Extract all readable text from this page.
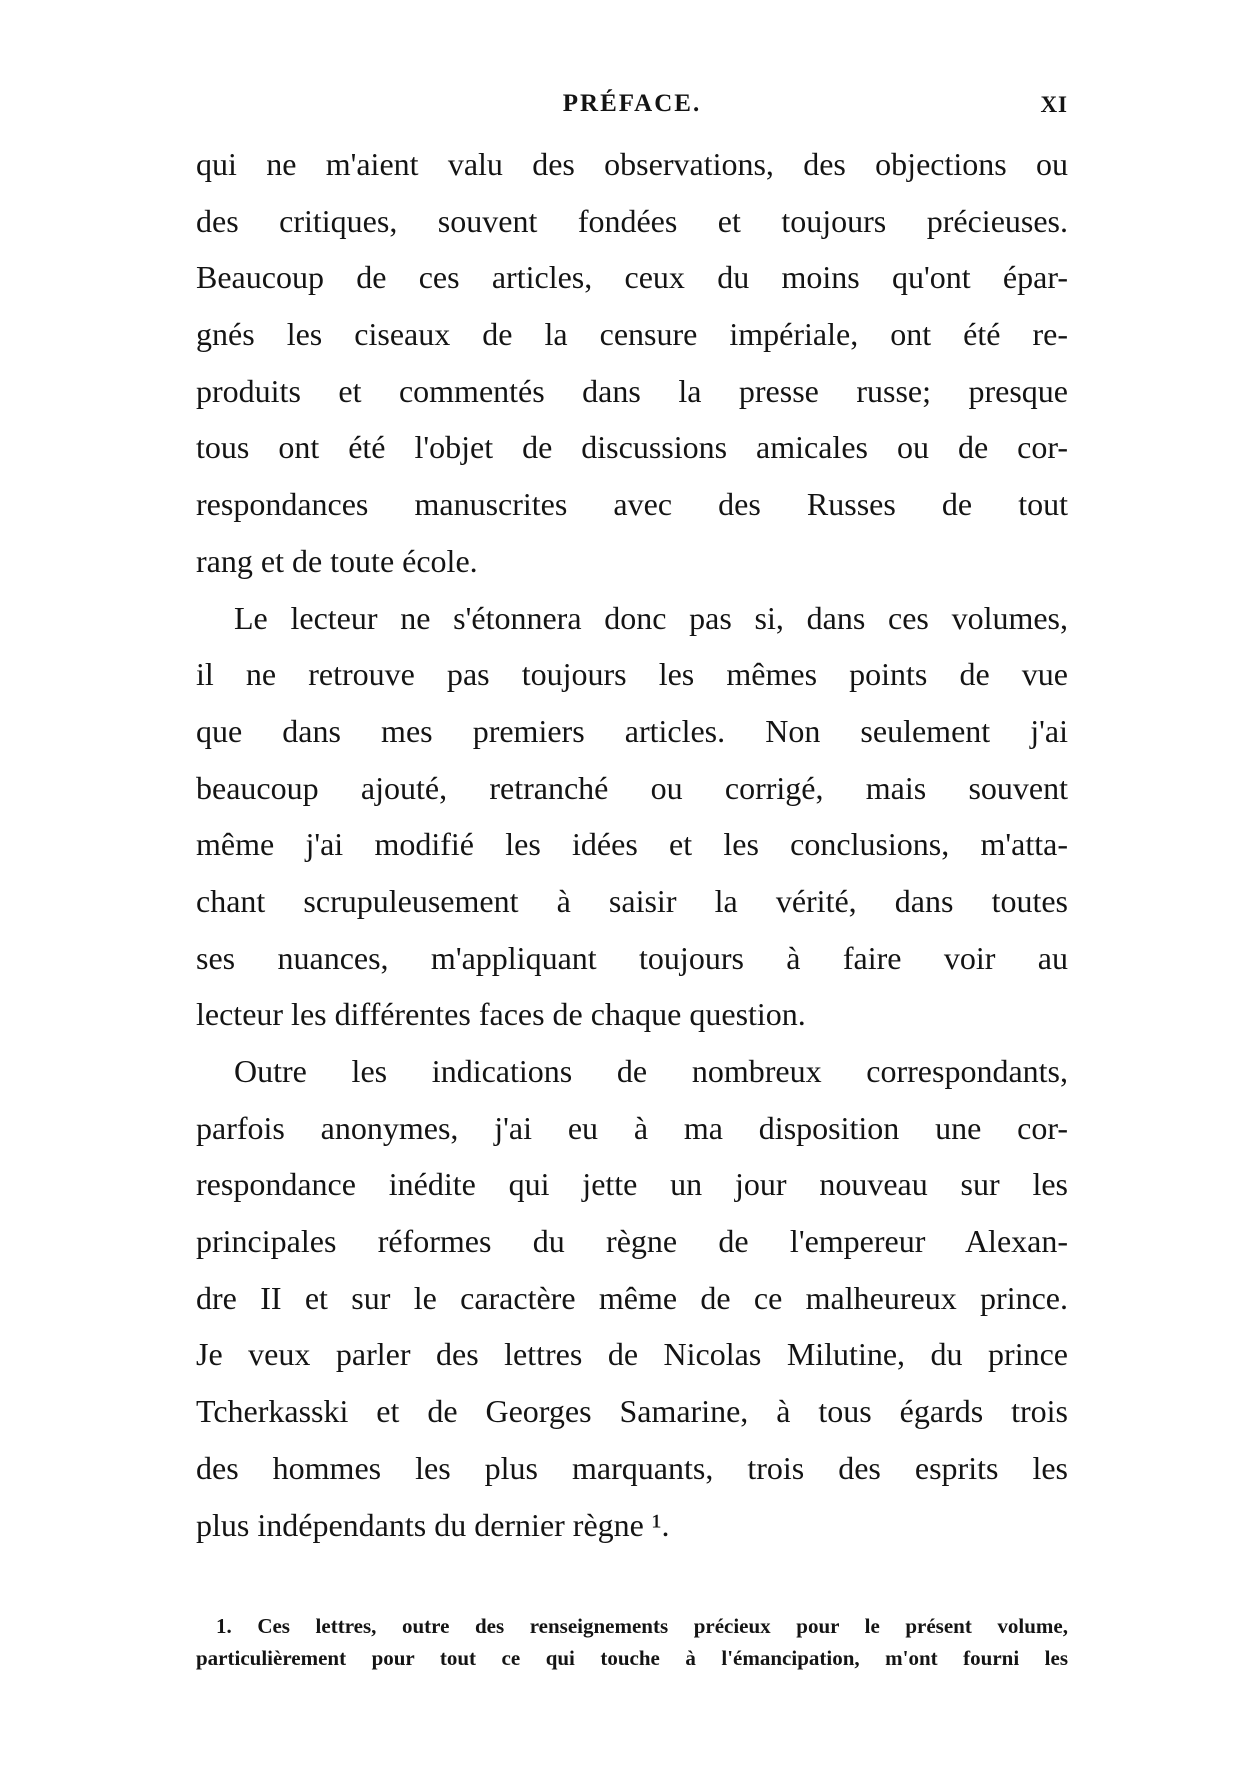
PRÉFACE.	XI
qui ne m'aient valu des observations, des objections ou
des critiques, souvent fondées et toujours précieuses.
Beaucoup de ces articles, ceux du moins qu'ont épar-
gnés les ciseaux de la censure impériale, ont été re-
produits et commentés dans la presse russe; presque
tous ont été l'objet de discussions amicales ou de cor-
respondances manuscrites avec des Russes de tout
rang et de toute école.
Le lecteur ne s'étonnera donc pas si, dans ces volumes,
il ne retrouve pas toujours les mêmes points de vue
que dans mes premiers articles. Non seulement j'ai
beaucoup ajouté, retranché ou corrigé, mais souvent
même j'ai modifié les idées et les conclusions, m'atta-
chant scrupuleusement à saisir la vérité, dans toutes
ses nuances, m'appliquant toujours à faire voir au
lecteur les différentes faces de chaque question.
Outre les indications de nombreux correspondants,
parfois anonymes, j'ai eu à ma disposition une cor-
respondance inédite qui jette un jour nouveau sur les
principales réformes du règne de l'empereur Alexan-
dre II et sur le caractère même de ce malheureux prince.
Je veux parler des lettres de Nicolas Milutine, du prince
Tcherkasski et de Georges Samarine, à tous égards trois
des hommes les plus marquants, trois des esprits les
plus indépendants du dernier règne ¹.
1. Ces lettres, outre des renseignements précieux pour le présent volume,
particulièrement pour tout ce qui touche à l'émancipation, m'ont fourni les
